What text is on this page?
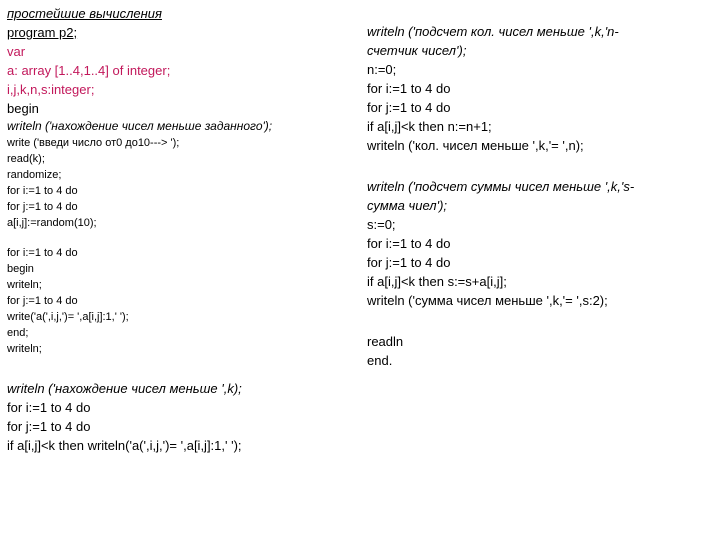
простейшие вычисления
program p2;
var
a: array [1..4,1..4] of integer;
i,j,k,n,s:integer;
begin
writeln ('нахождение чисел меньше заданного');
write ('введи число от0 до10---> ');
read(k);
randomize;
for i:=1 to 4 do
for j:=1 to 4 do
a[i,j]:=random(10);
for i:=1 to 4 do
begin
writeln;
for j:=1 to 4 do
write('a(',i,j,')= ',a[i,j]:1,' ');
end;
writeln;
writeln ('нахождение чисел меньше ',k);
for i:=1 to 4 do
for j:=1 to 4 do
if a[i,j]<k then writeln('a(',i,j,')= ',a[i,j]:1,' ');
writeln ('подсчет кол. чисел меньше ',k,'n-
счетчик чисел');
n:=0;
for i:=1 to 4 do
for j:=1 to 4 do
if a[i,j]<k then n:=n+1;
writeln ('кол. чисел меньше ',k,'= ',n);
writeln ('подсчет суммы чисел меньше ',k,'s-
сумма чиел');
s:=0;
for i:=1 to 4 do
for j:=1 to 4 do
if a[i,j]<k then s:=s+a[i,j];
writeln ('сумма чисел меньше ',k,'= ',s:2);
readln
end.
